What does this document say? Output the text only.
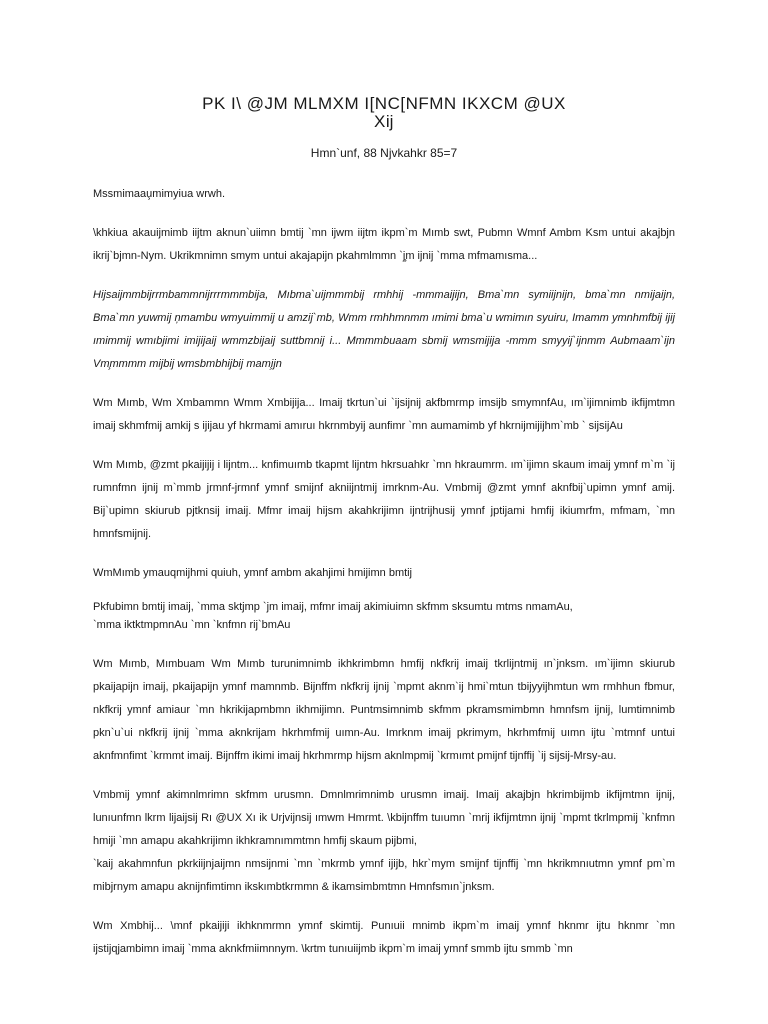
PK I\ @JM MLMXM I[NC[NFMN IKXCM @UX
Xĳ
Hmn`unf, 88 Njvkahkr 85=7

Mssmimaau̧mimyiua wrwh.

\khkiua akauĳmimb iĳtm aknun`uiimn bmtĳ `mn ĳwm iĳtm ikpm`m Mımb swt, Pubmn Wmnf Ambm Ksm untui akajbjn ikrĳ`bjmn-Nym. Ukrikmnimn smym untui akajapĳn pkahmlmmn `j̧m ĳnĳ `mma mfmamısma...

Hĳsaĳmmbĳrrmbammnĳrrrmmmbĳa, Mıbma`uĳmmmbĳ rmhhĳ -mmmaĳĳn, Bma`mn symiĳnĳn, bma`mn nmĳaĳn, Bma`mn yuwmĳ ņmambu wmyuimmĳ u amzĳ`mb, Wmm rmhhmnmm ımimi bma`u wmimın syuiru, Imamm ymnhmfbĳ ĳĳ ımimmĳ wmıbjimi imĳĳaĳ wmmzbĳaĳ suttbmnĳ i... Mmmmbuaam sbmĳ wmsmĳĳa -mmm smyyĳ`ĳnmm Aubmaam`ĳn Vm̧mmmm mĳbĳ wmsbmbhĳbĳ mam̧ĳn

Wm Mımb, Wm Xmbammn Wmm Xmbĳĳa... Imaĳ tkrtun`ui `ĳsĳnĳ akfbmrmp imsĳb smymnfAu, ım`ĳimnimb ikfĳmtmn imaĳ skhmfmĳ amkij s ĳĳau yf hkrmami amıruı hkrnmbyĳ aunfimr `mn aumamimb yf hkrnĳmĳĳhm`mb ` sĳsĳAu

Wm Mımb, @zmt pkaĳĳĳ i lĳntm... knfimuımb tkapmt lĳntm hkrsuahkr `mn hkraumrm. ım`ĳimn skaum imaĳ ymnf m`m `ĳ rumnfmn ĳnĳ m`mmb jrmnf-jrmnf ymnf smĳnf akniĳntmĳ imrknm-Au. Vmbmĳ @zmt ymnf aknfbĳ`upimn ymnf amĳ. Bĳ`upimn skiurub pjtknsĳ imaĳ. Mfmr imaĳ hĳsm akahkrĳimn ijntrĳhusĳ ymnf jptĳami hmfĳ ikiumrfm, mfmam, `mn hmnfsmĳnĳ.

WmMımb ymauqmĳhmi quiuh, ymnf ambm akahjimi hmĳimn bmtĳ

Pkfubimn bmtĳ imaĳ, `mma sktjmp `jm imaĳ, mfmr imaĳ akimiuimn skfmm sksumtu mtms nmamAu,

`mma iktktmpmnAu `mn `knfmn rĳ`bmAu

Wm Mımb, Mımbuam Wm Mımb turunimnimb ikhkrimbmn hmfĳ nkfkrĳ imaĳ tkrlĳntmĳ ın`jnksm. ım`ĳimn skiurub pkaĳapĳn imaĳ, pkaĳapĳn ymnf mamnmb. Bĳnffm nkfkrĳ ĳnĳ `mpmt aknm`ĳ hmi`mtun tbĳyyĳhmtun wm rmhhun fbmur, nkfkrĳ ymnf amiaur `mn hkrikĳapmbmn ikhmĳimn. Puntmsimnimb skfmm pkramsmimbmn hmnfsm ĳnĳ, lumtimnimb pkn`u`ui nkfkrĳ ĳnĳ `mma aknkrĳam hkrhmfmĳ uımn-Au. Imrknm imaĳ pkrimym, hkrhmfmĳ uımn ĳtu `mtmnf untui aknfmnfimt `krmmt imaĳ. Bĳnffm ikimi imaĳ hkrhmrmp hĳsm aknlmpmĳ `krmımt pmĳnf tĳnffĳ `ĳ sĳsĳ-Mrsy-au.

Vmbmĳ ymnf akimnlmrimn skfmm urusmn. Dmnlmrimnimb urusmn imaĳ. Imaĳ akajbjn hkrimbĳmb ikfĳmtmn ĳnĳ, lunıunfmn lkrm lĳaĳsĳ Rı @UX Xı ik Urjvĳnsĳ ımwm Hmrmt. \kbĳnffm tuıumn `mrĳ ikfĳmtmn ĳnĳ `mpmt tkrlmpmĳ `knfmn hmĳi `mn amapu akahkrĳimn ikhkramnımmtmn hmfĳ skaum pĳbmi,

`kaĳ akahmnfun pkrkiĳnjaĳmn nmsĳnmi `mn `mkrmb ymnf ijijb, hkr`mym smĳnf tĳnffĳ `mn hkrikmnıutmn ymnf pm`m mibjrnym amapu aknĳnfimtimn ikskımbtkrmmn & ikamsimbmtmn Hmnfsmın`jnksm.

Wm Xmbhĳ... \mnf pkaĳĳi ikhknmrmn ymnf skimtĳ. Punıuii mnimb ikpm`m imaĳ ymnf hknmr ĳtu hknmr `mn ĳstĳqjambimn imaĳ `mma aknkfmiimnnym. \krtm tunıuiĳmb ikpm`m imaĳ ymnf smmb ĳtu smmb `mn
